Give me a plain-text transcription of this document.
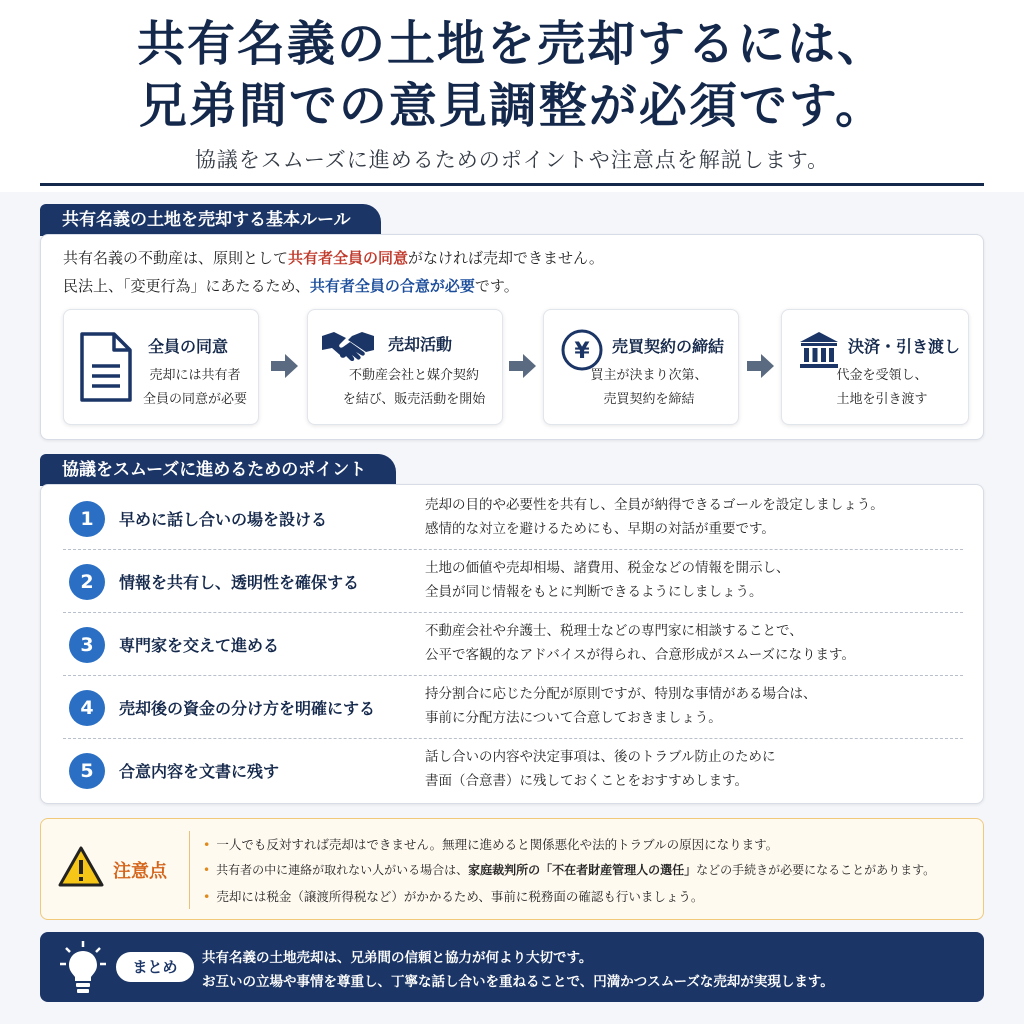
共有名義の土地を売却するには、
兄弟間での意見調整が必須です。
協議をスムーズに進めるためのポイントや注意点を解説します。
共有名義の土地を売却する基本ルール
共有名義の不動産は、原則として共有者全員の同意がなければ売却できません。
民法上、「変更行為」にあたるため、共有者全員の合意が必要です。
全員の同意
売却には共有者
全員の同意が必要
売却活動
不動産会社と媒介契約
を結び、販売活動を開始
¥ 売買契約の締結
買主が決まり次第、
売買契約を締結
決済・引き渡し
代金を受領し、
土地を引き渡す
協議をスムーズに進めるためのポイント
1	早めに話し合いの場を設ける
売却の目的や必要性を共有し、全員が納得できるゴールを設定しましょう。
感情的な対立を避けるためにも、早期の対話が重要です。
2	情報を共有し、透明性を確保する
土地の価値や売却相場、諸費用、税金などの情報を開示し、
全員が同じ情報をもとに判断できるようにしましょう。
3	専門家を交えて進める
不動産会社や弁護士、税理士などの専門家に相談することで、
公平で客観的なアドバイスが得られ、合意形成がスムーズになります。
4	売却後の資金の分け方を明確にする
持分割合に応じた分配が原則ですが、特別な事情がある場合は、
事前に分配方法について合意しておきましょう。
5	合意内容を文書に残す
話し合いの内容や決定事項は、後のトラブル防止のために
書面（合意書）に残しておくことをおすすめします。
注意点
• 一人でも反対すれば売却はできません。無理に進めると関係悪化や法的トラブルの原因になります。
• 共有者の中に連絡が取れない人がいる場合は、家庭裁判所の「不在者財産管理人の選任」などの手続きが必要になることがあります。
• 売却には税金（譲渡所得税など）がかかるため、事前に税務面の確認も行いましょう。
まとめ	共有名義の土地売却は、兄弟間の信頼と協力が何より大切です。
お互いの立場や事情を尊重し、丁寧な話し合いを重ねることで、円満かつスムーズな売却が実現します。
